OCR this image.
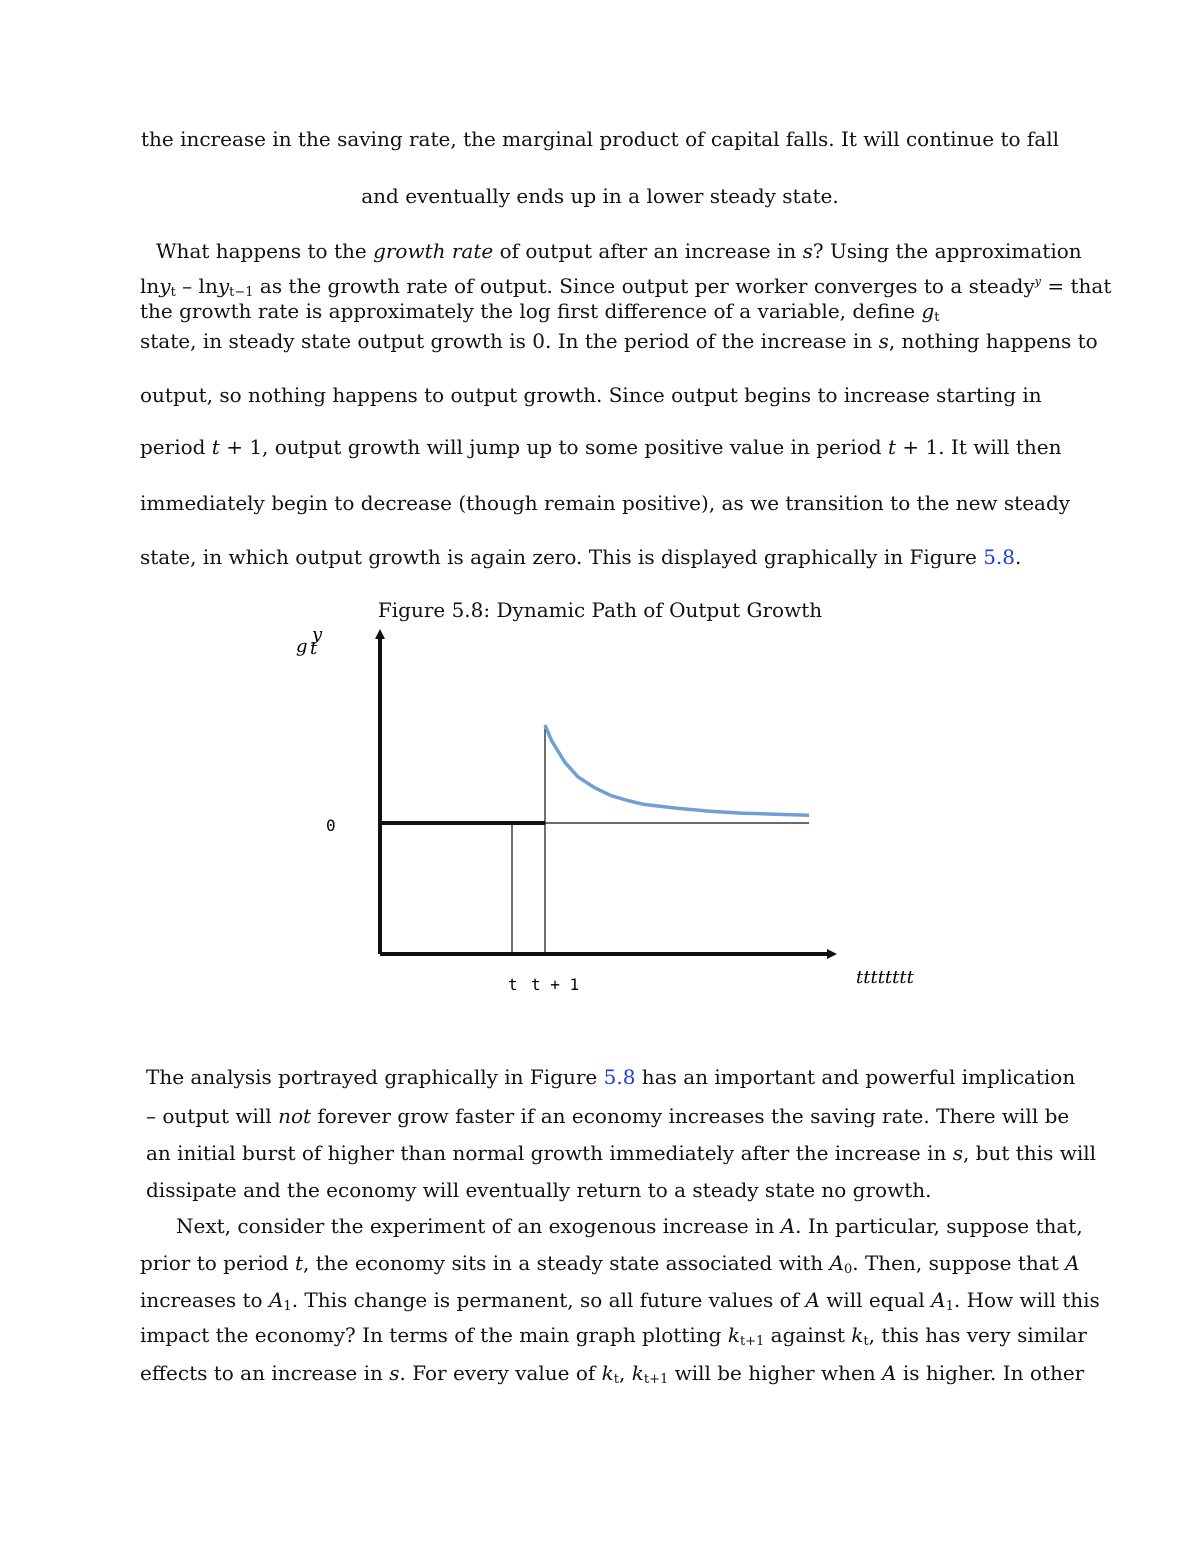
the increase in the saving rate, the marginal product of capital falls. It will continue to fall
and eventually ends up in a lower steady state.
What happens to the growth rate of output after an increase in s? Using the approximation
lny$_t$ – lny$_{t-1}$ as the growth rate of output. Since output per worker converges to a steady$^y$ = that
the growth rate is approximately the log first difference of a variable, define $g_t$
state, in steady state output growth is 0. In the period of the increase in s, nothing happens to
output, so nothing happens to output growth. Since output begins to increase starting in
period t + 1, output growth will jump up to some positive value in period t + 1. It will then
immediately begin to decrease (though remain positive), as we transition to the new steady
state, in which output growth is again zero. This is displayed graphically in Figure 5.8.
Figure 5.8: Dynamic Path of Output Growth
0
t t + 1	tttttttt
g
y
t
The analysis portrayed graphically in Figure 5.8 has an important and powerful implication
– output will not forever grow faster if an economy increases the saving rate. There will be
an initial burst of higher than normal growth immediately after the increase in s, but this will
dissipate and the economy will eventually return to a steady state no growth.
Next, consider the experiment of an exogenous increase in A. In particular, suppose that,
prior to period t, the economy sits in a steady state associated with $A_0$. Then, suppose that A
increases to $A_1$. This change is permanent, so all future values of A will equal $A_1$. How will this
impact the economy? In terms of the main graph plotting $k_{t+1}$ against $k_t$, this has very similar
effects to an increase in s. For every value of $k_t$, $k_{t+1}$ will be higher when A is higher. In other
